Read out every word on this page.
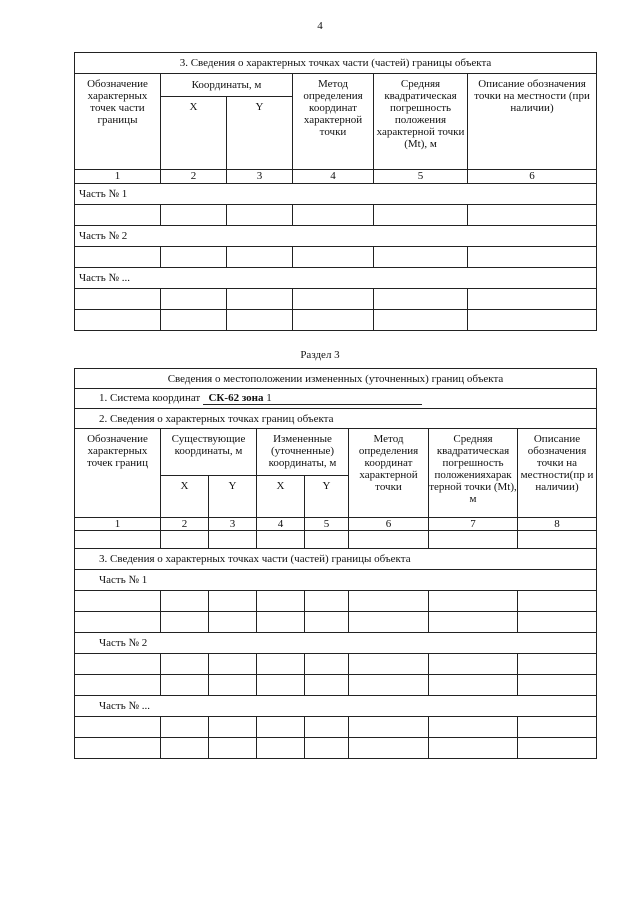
4
3. Сведения о характерных точках части (частей) границы объекта					
Обозначение характерных точек части границы	Координаты, м		Метод определения координат характерной точки	Средняя квадратическая погрешность положения характерной точки (Mt), м	Описание обозначения точки на местности (при наличии)
	X	Y			
1	2	3	4	5	6
Часть № 1					

Часть № 2					

Часть № ...					

Раздел 3
Сведения о местоположении измененных (уточненных) границ объекта							
1. Система координат СК-62 зона 1							
2. Сведения о характерных точках границ объекта							
Обозначение характерных точек границ	Существующие координаты, м		Измененные (уточненные) координаты, м		Метод определения координат характерной точки	Средняя квадратическая погрешность положенияхарак терной точки (Mt), м	Описание обозначения точки на местности(пр и наличии)
	X	Y	X	Y			
1	2	3	4	5	6	7	8

3. Сведения о характерных точках части (частей) границы объекта							
Часть № 1							

Часть № 2							

Часть № ...							
